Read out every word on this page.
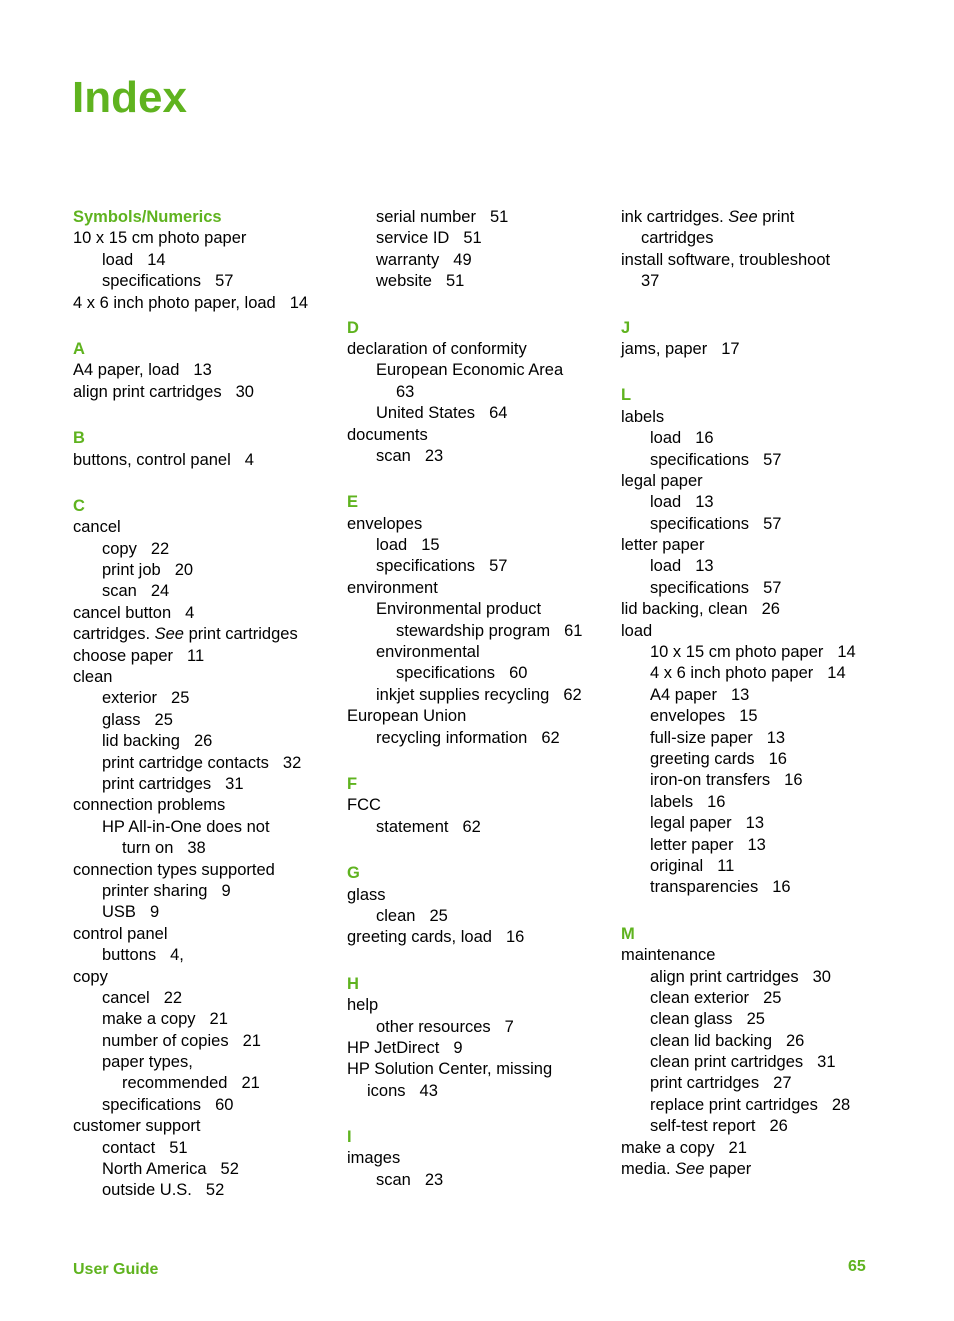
Index
Symbols/Numerics
10 x 15 cm photo paper
load 14
specifications 57
4 x 6 inch photo paper, load 14
A
A4 paper, load 13
align print cartridges 30
B
buttons, control panel 4
C
cancel
copy 22
print job 20
scan 24
cancel button 4
cartridges. See print cartridges
choose paper 11
clean
exterior 25
glass 25
lid backing 26
print cartridge contacts 32
print cartridges 31
connection problems
HP All-in-One does not
turn on 38
connection types supported
printer sharing 9
USB 9
control panel
buttons 4,
copy
cancel 22
make a copy 21
number of copies 21
paper types,
recommended 21
specifications 60
customer support
contact 51
North America 52
outside U.S. 52
serial number 51
service ID 51
warranty 49
website 51
D
declaration of conformity
European Economic Area
63
United States 64
documents
scan 23
E
envelopes
load 15
specifications 57
environment
Environmental product
stewardship program 61
environmental
specifications 60
inkjet supplies recycling 62
European Union
recycling information 62
F
FCC
statement 62
G
glass
clean 25
greeting cards, load 16
H
help
other resources 7
HP JetDirect 9
HP Solution Center, missing
icons 43
I
images
scan 23
ink cartridges. See print
cartridges
install software, troubleshoot
37
J
jams, paper 17
L
labels
load 16
specifications 57
legal paper
load 13
specifications 57
letter paper
load 13
specifications 57
lid backing, clean 26
load
10 x 15 cm photo paper 14
4 x 6 inch photo paper 14
A4 paper 13
envelopes 15
full-size paper 13
greeting cards 16
iron-on transfers 16
labels 16
legal paper 13
letter paper 13
original 11
transparencies 16
M
maintenance
align print cartridges 30
clean exterior 25
clean glass 25
clean lid backing 26
clean print cartridges 31
print cartridges 27
replace print cartridges 28
self-test report 26
make a copy 21
media. See paper
User Guide	65
